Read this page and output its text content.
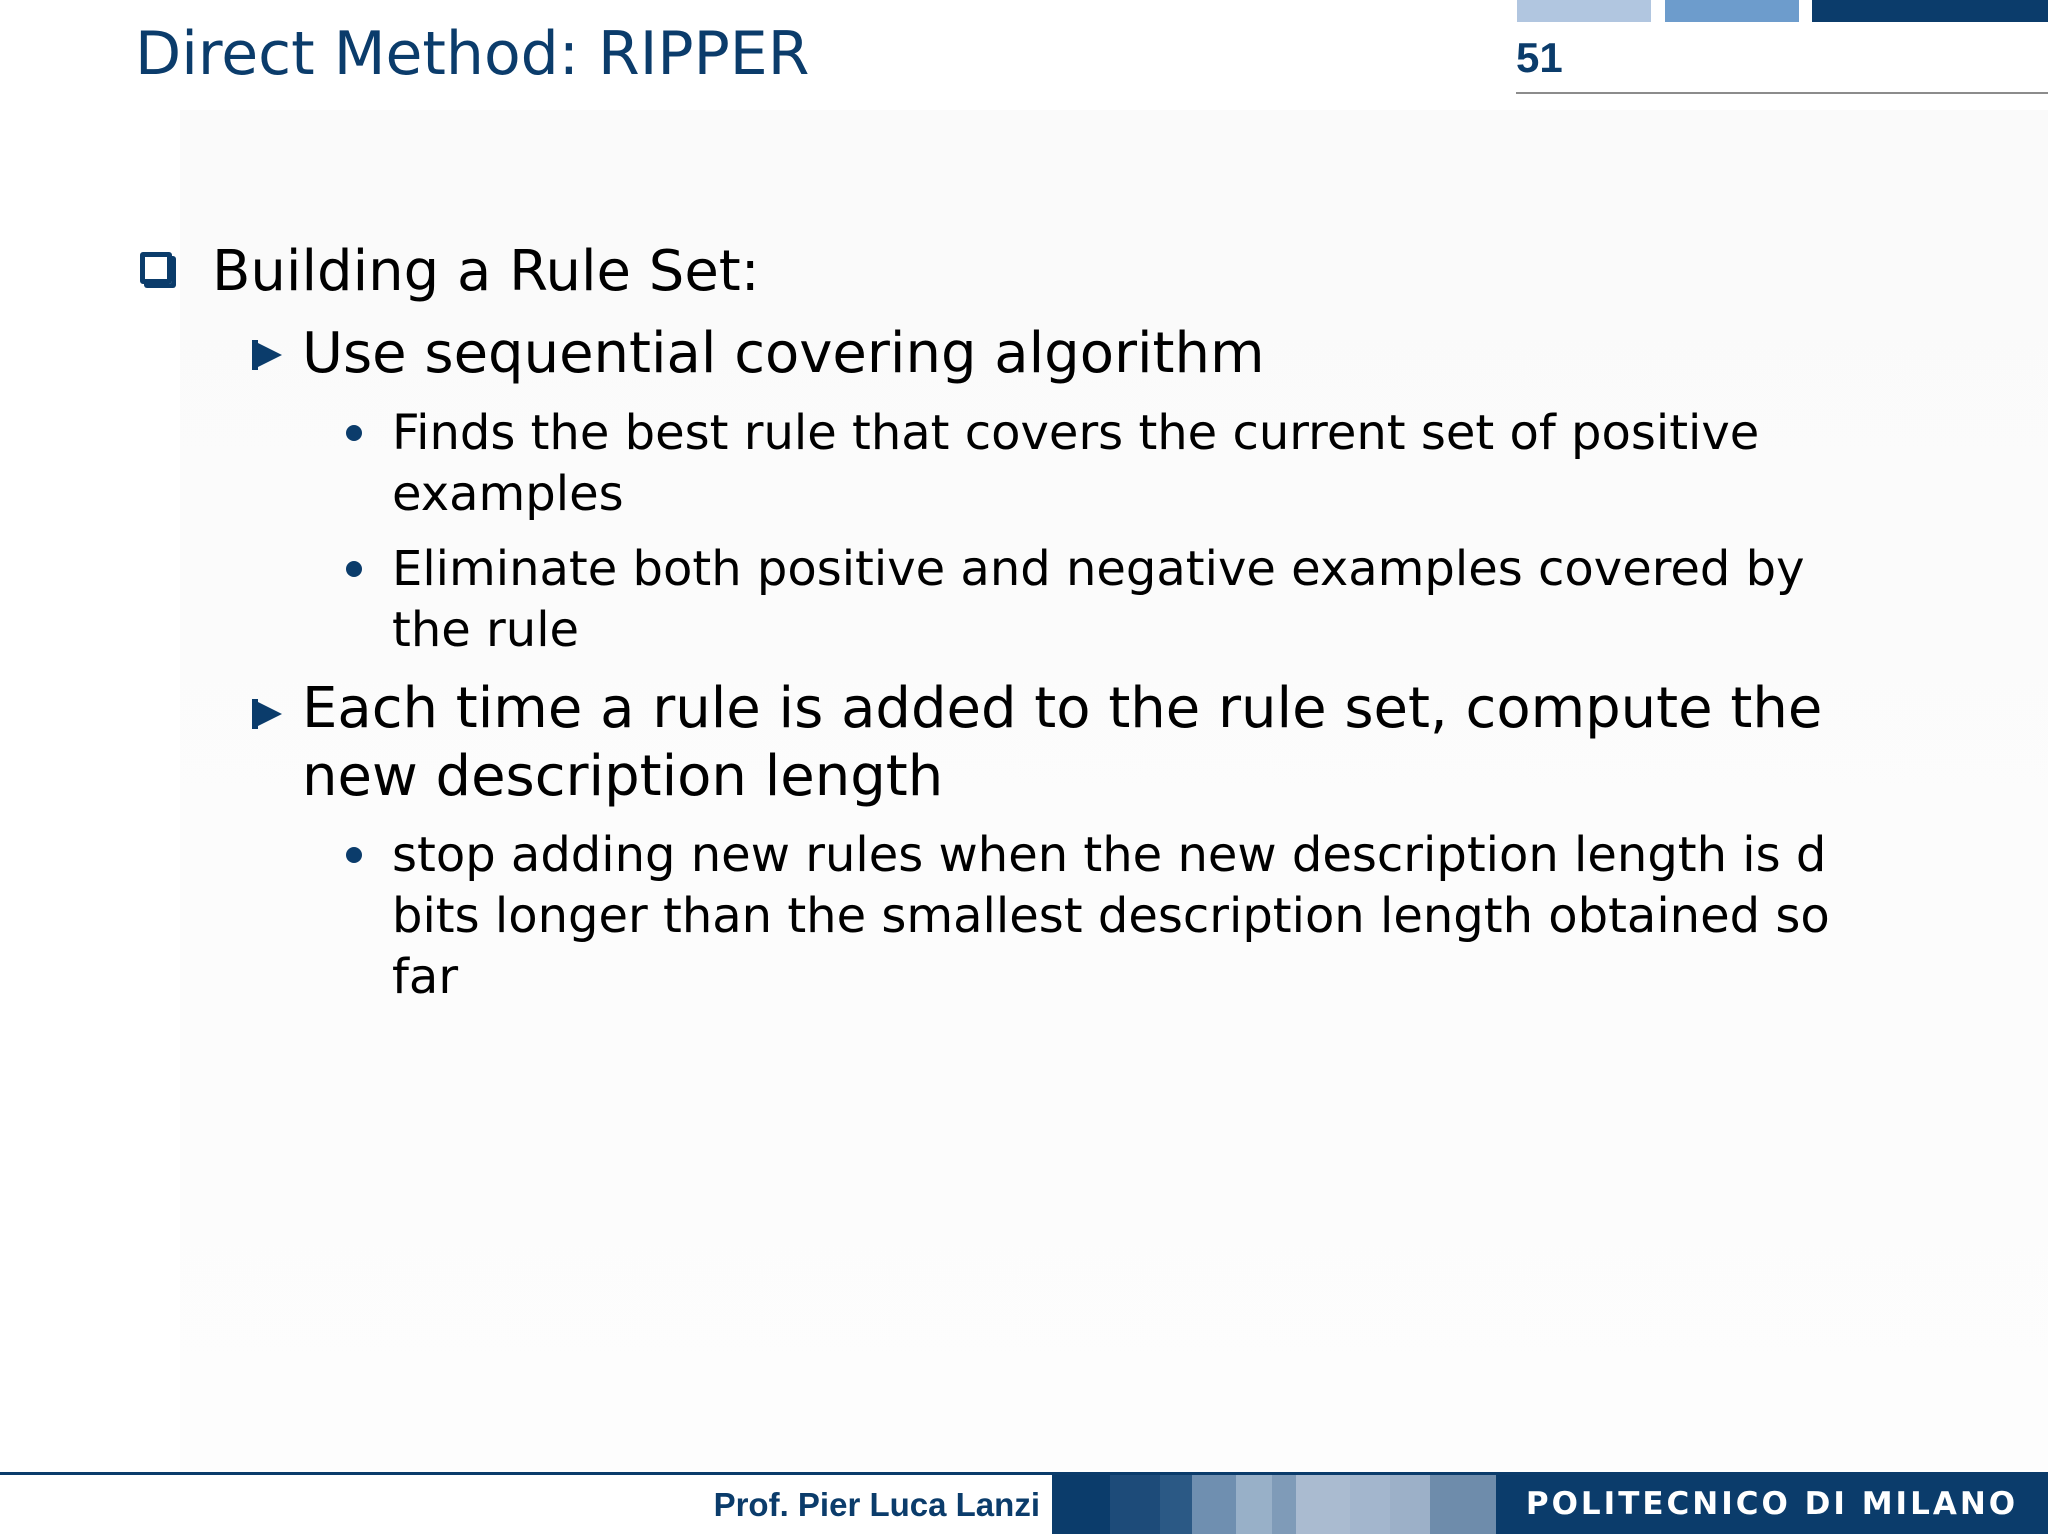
Direct Method: RIPPER	51
Building a Rule Set:
Use sequential covering algorithm
Finds the best rule that covers the current set of positive
examples
Eliminate both positive and negative examples covered by
the rule
Each time a rule is added to the rule set, compute the
new description length
stop adding new rules when the new description length is d
bits longer than the smallest description length obtained so
far
Prof. Pier Luca Lanzi	POLITECNICO DI MILANO
